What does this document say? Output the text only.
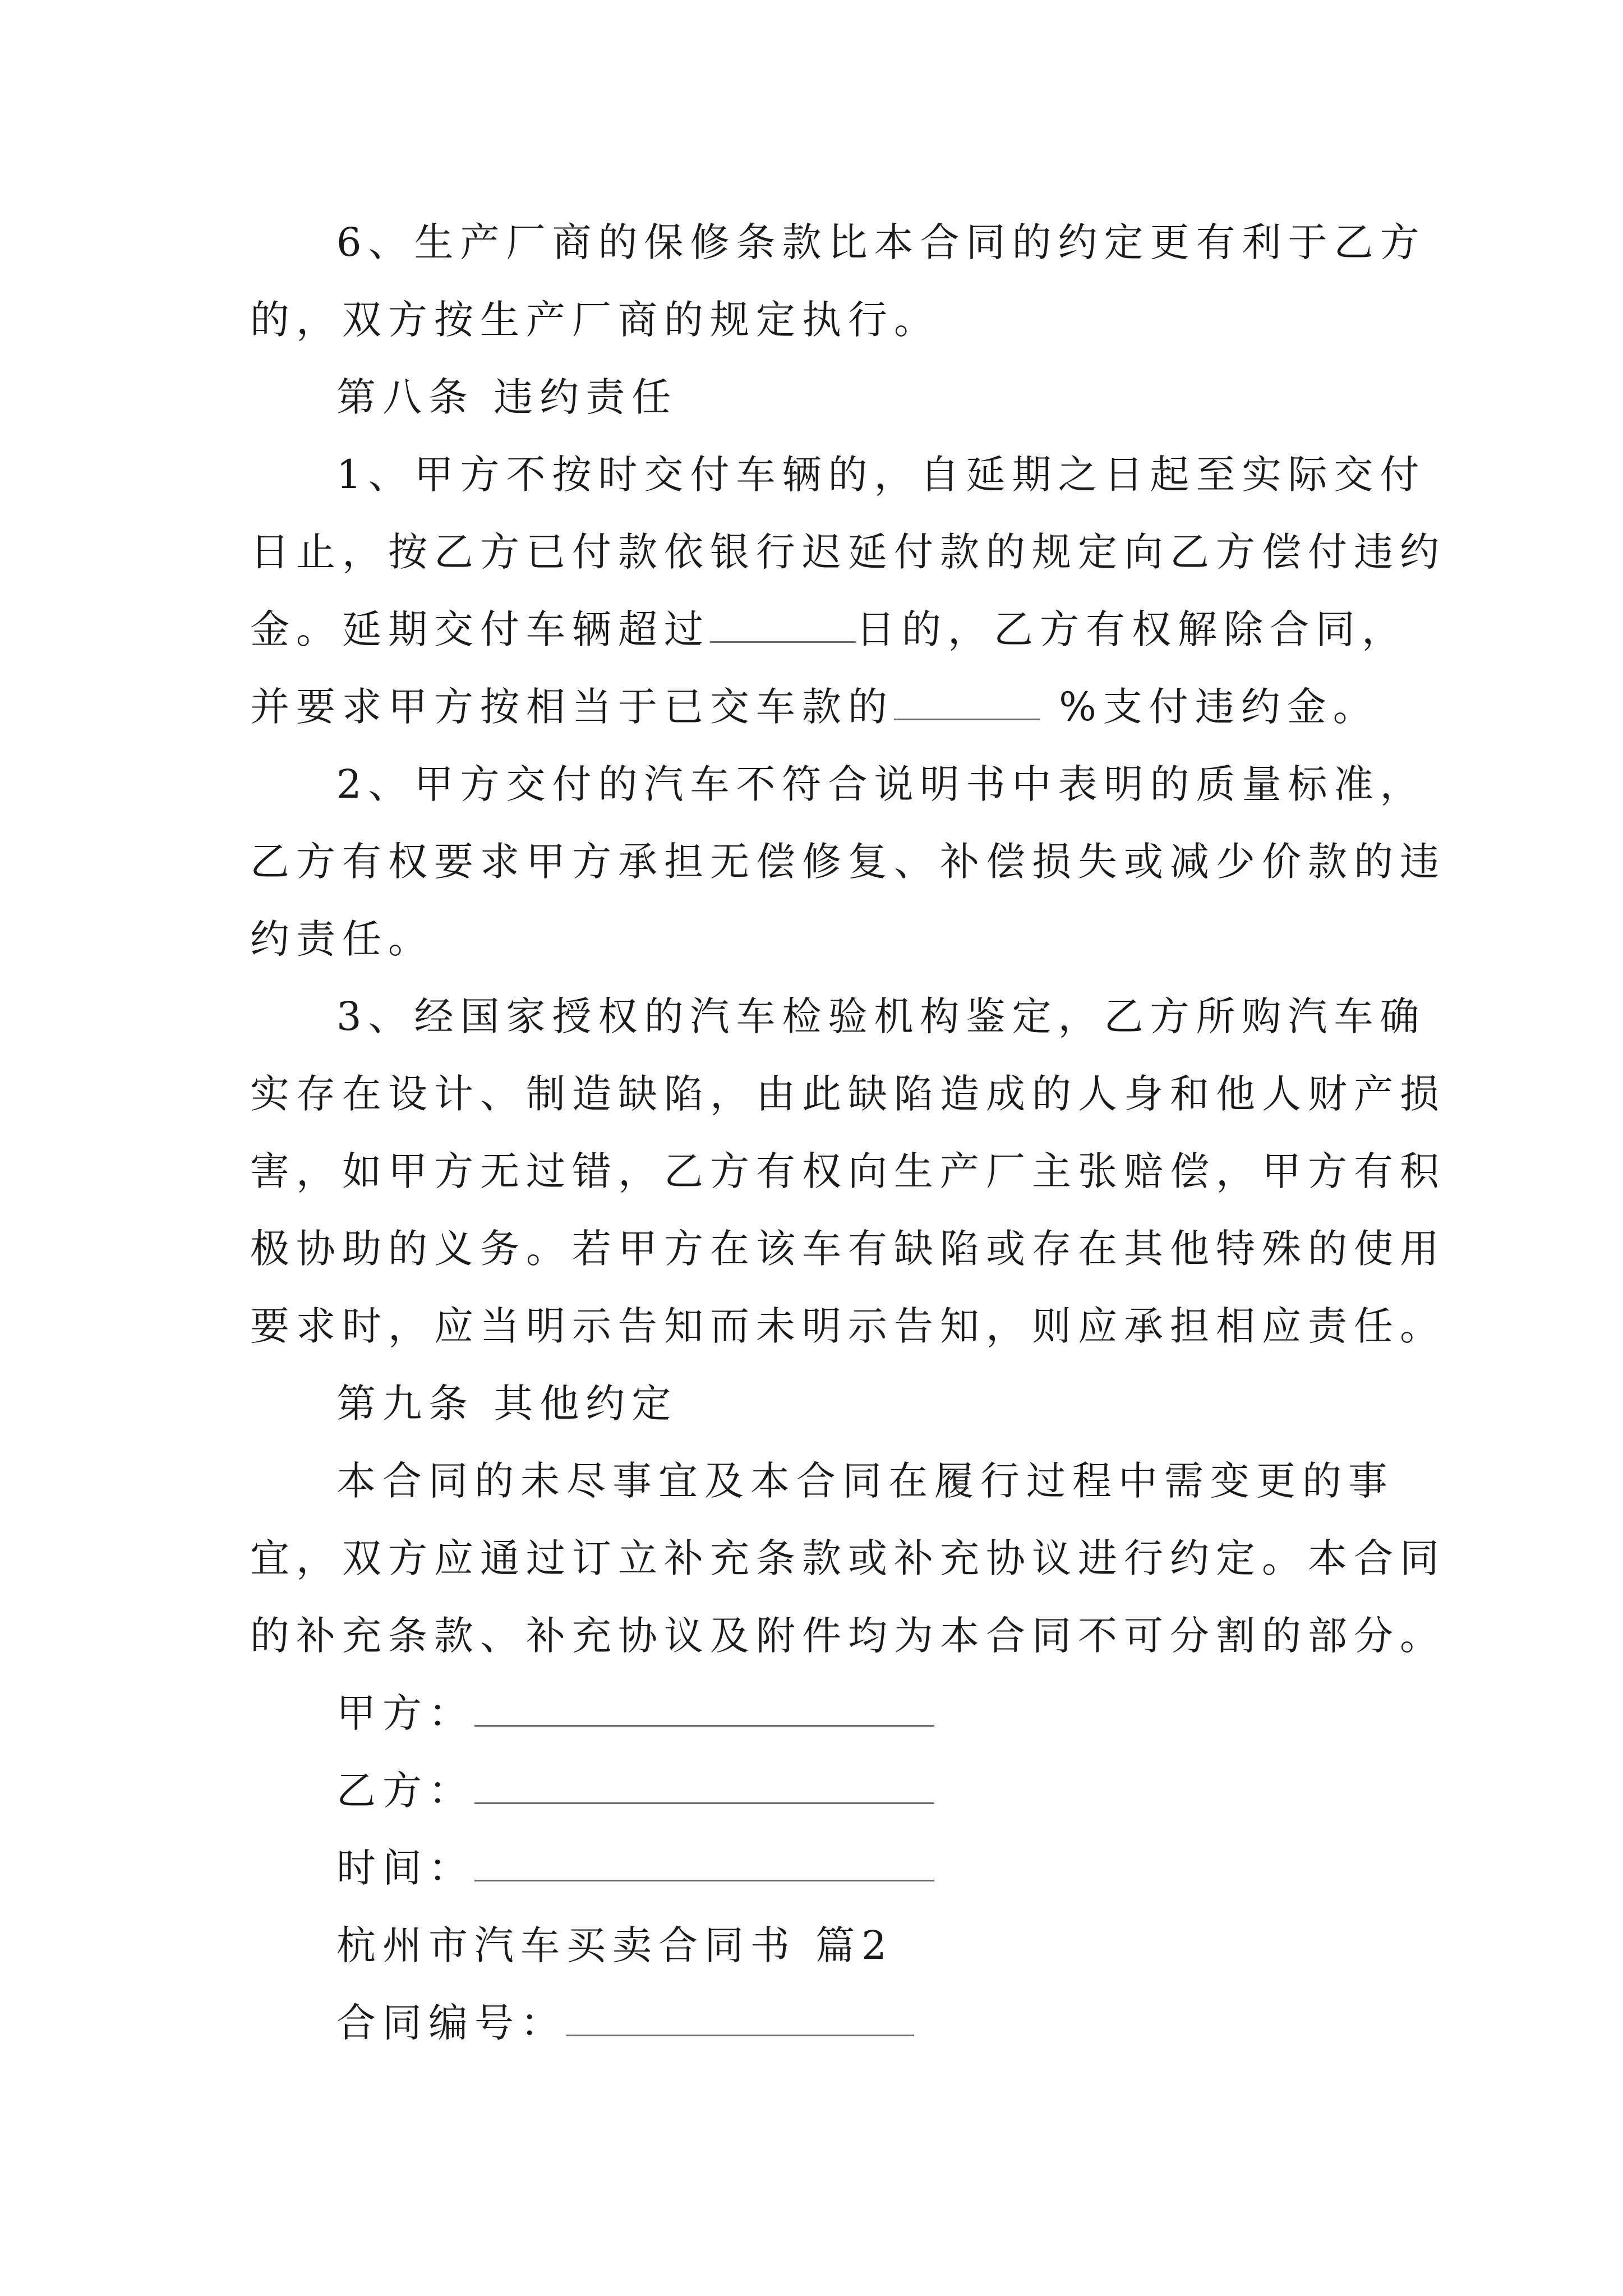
6、生产厂商的保修条款比本合同的约定更有利于乙方
的，双方按生产厂商的规定执行。
第八条 违约责任
1、甲方不按时交付车辆的，自延期之日起至实际交付
日止，按乙方已付款依银行迟延付款的规定向乙方偿付违约
金。延期交付车辆超过	日的，乙方有权解除合同，
并要求甲方按相当于已交车款的	%支付违约金。
2、甲方交付的汽车不符合说明书中表明的质量标准，
乙方有权要求甲方承担无偿修复、补偿损失或减少价款的违
约责任。
3、经国家授权的汽车检验机构鉴定，乙方所购汽车确
实存在设计、制造缺陷，由此缺陷造成的人身和他人财产损
害，如甲方无过错，乙方有权向生产厂主张赔偿，甲方有积
极协助的义务。若甲方在该车有缺陷或存在其他特殊的使用
要求时，应当明示告知而未明示告知，则应承担相应责任。
第九条 其他约定
本合同的未尽事宜及本合同在履行过程中需变更的事
宜，双方应通过订立补充条款或补充协议进行约定。本合同
的补充条款、补充协议及附件均为本合同不可分割的部分。
甲方：
乙方：
时间：
杭州市汽车买卖合同书 篇2
合同编号：
